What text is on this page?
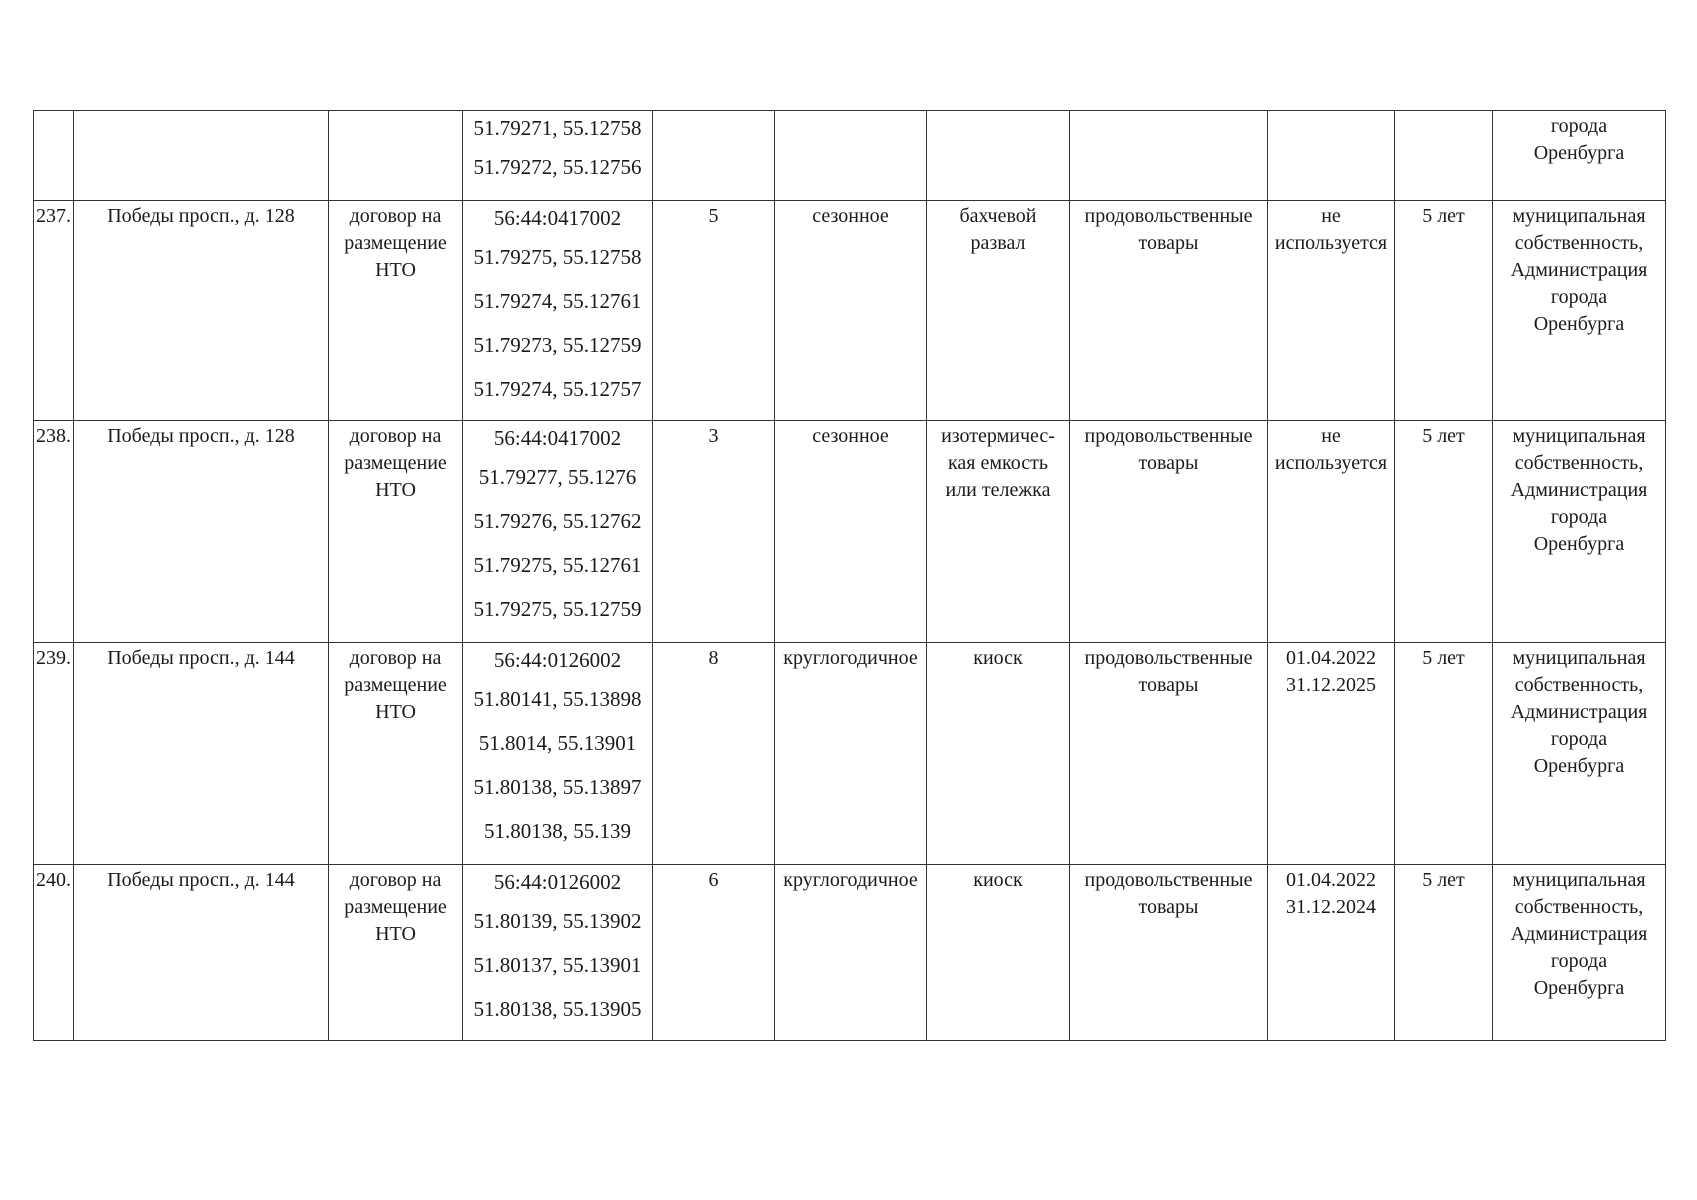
			51.79271, 55.12758
51.79272, 55.12756							города
Оренбурга

237.	Победы просп., д. 128	договор на
размещение
НТО	56:44:0417002
51.79275, 55.12758
51.79274, 55.12761
51.79273, 55.12759
51.79274, 55.12757	5	сезонное	бахчевой
развал	продовольственные
товары	не
используется	5 лет	муниципальная
собственность,
Администрация
города
Оренбурга

238.	Победы просп., д. 128	договор на
размещение
НТО	56:44:0417002
51.79277, 55.1276
51.79276, 55.12762
51.79275, 55.12761
51.79275, 55.12759	3	сезонное	изотермичес-
кая емкость
или тележка	продовольственные
товары	не
используется	5 лет	муниципальная
собственность,
Администрация
города
Оренбурга

239.	Победы просп., д. 144	договор на
размещение
НТО	56:44:0126002
51.80141, 55.13898
51.8014, 55.13901
51.80138, 55.13897
51.80138, 55.139	8	круглогодичное	киоск	продовольственные
товары	01.04.2022
31.12.2025	5 лет	муниципальная
собственность,
Администрация
города
Оренбурга

240.	Победы просп., д. 144	договор на
размещение
НТО	56:44:0126002
51.80139, 55.13902
51.80137, 55.13901
51.80138, 55.13905	6	круглогодичное	киоск	продовольственные
товары	01.04.2022
31.12.2024	5 лет	муниципальная
собственность,
Администрация
города
Оренбурга
